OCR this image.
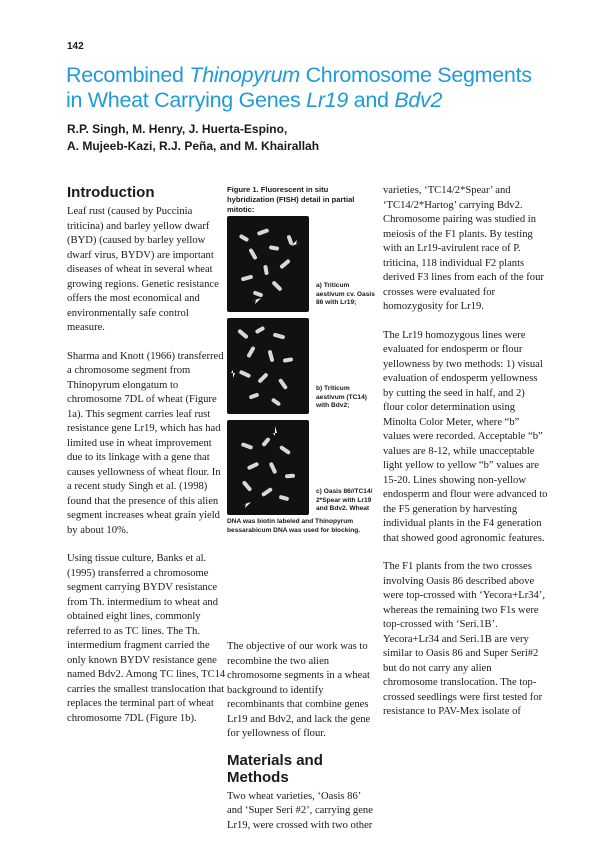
142
Recombined Thinopyrum Chromosome Segments
in Wheat Carrying Genes Lr19 and Bdv2
R.P. Singh, M. Henry, J. Huerta-Espino,
A. Mujeeb-Kazi, R.J. Peña, and M. Khairallah
Introduction

Leaf rust (caused by Puccinia triticina) and barley yellow dwarf (BYD) (caused by barley yellow dwarf virus, BYDV) are important diseases of wheat in several wheat growing regions. Genetic resistance offers the most economical and environmentally safe control measure.

Sharma and Knott (1966) transferred a chromosome segment from Thinopyrum elongatum to chromosome 7DL of wheat (Figure 1a). This segment carries leaf rust resistance gene Lr19, which has had limited use in wheat improvement due to its linkage with a gene that causes yellowness of wheat flour. In a recent study Singh et al. (1998) found that the presence of this alien segment increases wheat grain yield by about 10%.

Using tissue culture, Banks et al. (1995) transferred a chromosome segment carrying BYDV resistance from Th. intermedium to wheat and obtained eight lines, commonly referred to as TC lines. The Th. intermedium fragment carried the only known BYDV resistance gene named Bdv2. Among TC lines, TC14 carries the smallest translocation that replaces the terminal part of wheat chromosome 7DL (Figure 1b).

Figure 1. Fluorescent in situ hybridization (FISH) detail in partial mitotic:
a) Triticum aestivum cv. Oasis 86 with Lr19;
b) Triticum aestivum (TC14) with Bdv2;
c) Oasis 86//TC14/ 2*Spear with Lr19 and Bdv2. Wheat
DNA was biotin labeled and Thinopyrum bessarabicum DNA was used for blocking.

The objective of our work was to recombine the two alien chromosome segments in a wheat background to identify recombinants that combine genes Lr19 and Bdv2, and lack the gene for yellowness of flour.

Materials and
Methods

Two wheat varieties, ‘Oasis 86’ and ‘Super Seri #2’, carrying gene Lr19, were crossed with two other

varieties, ‘TC14/2*Spear’ and ‘TC14/2*Hartog’ carrying Bdv2. Chromosome pairing was studied in meiosis of the F1 plants. By testing with an Lr19-avirulent race of P. triticina, 118 individual F2 plants derived F3 lines from each of the four crosses were evaluated for homozygosity for Lr19.

The Lr19 homozygous lines were evaluated for endosperm or flour yellowness by two methods: 1) visual evaluation of endosperm yellowness by cutting the seed in half, and 2) flour color determination using Minolta Color Meter, where “b” values were recorded. Acceptable “b” values are 8-12, while unacceptable light yellow to yellow “b” values are 15-20. Lines showing non-yellow endosperm and flour were advanced to the F5 generation by harvesting individual plants in the F4 generation that showed good agronomic features.

The F1 plants from the two crosses involving Oasis 86 described above were top-crossed with ‘Yecora+Lr34’, whereas the remaining two F1s were top-crossed with ‘Seri.1B’. Yecora+Lr34 and Seri.1B are very similar to Oasis 86 and Super Seri#2 but do not carry any alien chromosome translocation. The top-crossed seedlings were first tested for resistance to PAV-Mex isolate of
